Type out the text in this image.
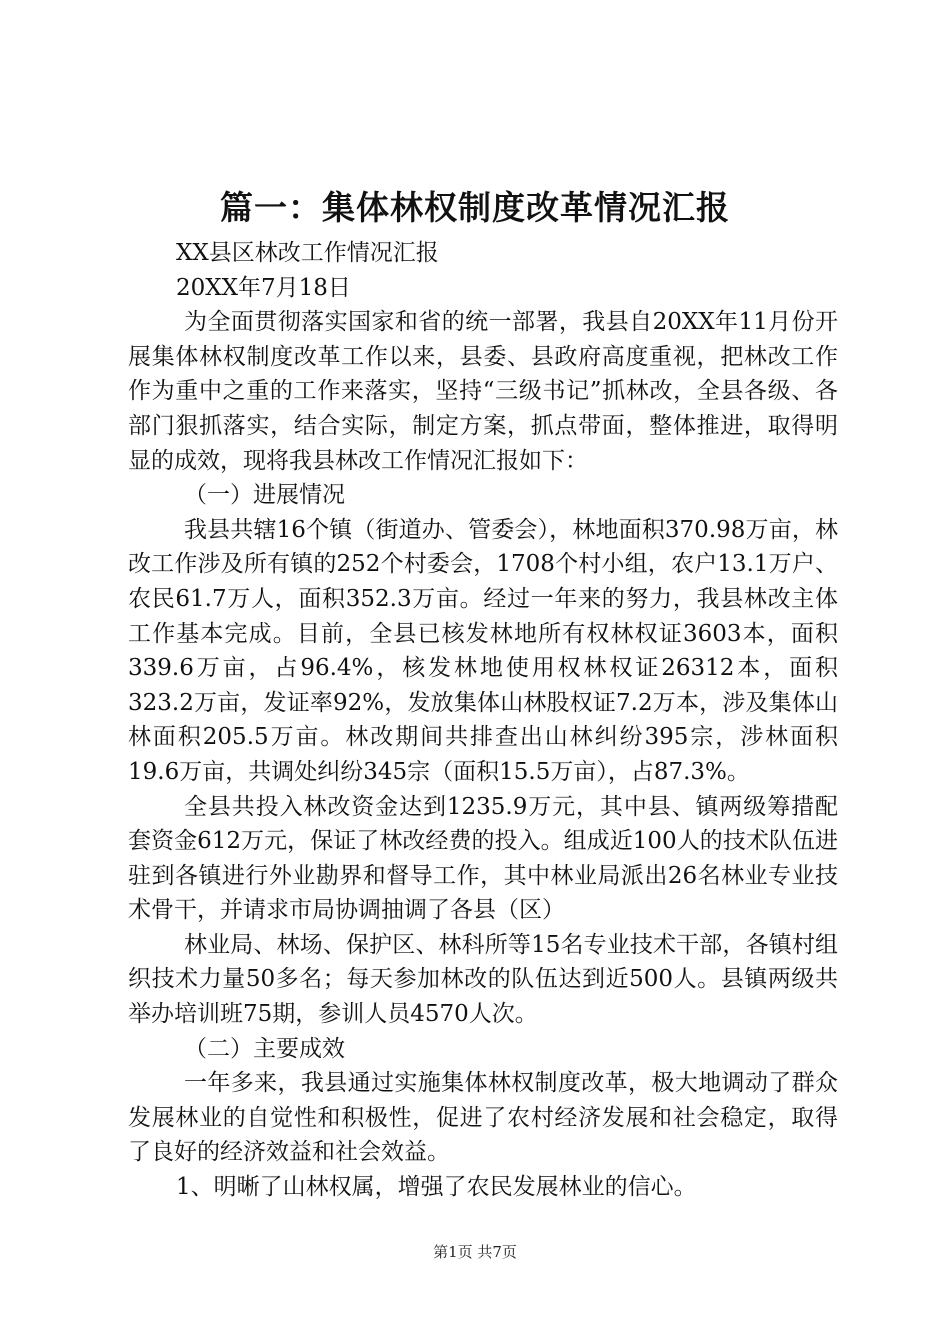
篇一：集体林权制度改革情况汇报

XX县区林改工作情况汇报

20XX年7月18日

为全面贯彻落实国家和省的统一部署，我县自20XX年11月份开展集体林权制度改革工作以来，县委、县政府高度重视，把林改工作作为重中之重的工作来落实，坚持“三级书记”抓林改，全县各级、各部门狠抓落实，结合实际，制定方案，抓点带面，整体推进，取得明显的成效，现将我县林改工作情况汇报如下：

（一）进展情况

我县共辖16个镇（街道办、管委会），林地面积370.98万亩，林改工作涉及所有镇的252个村委会，1708个村小组，农户13.1万户、农民61.7万人，面积352.3万亩。经过一年来的努力，我县林改主体工作基本完成。目前，全县已核发林地所有权林权证3603本，面积339.6万亩，占96.4%，核发林地使用权林权证26312本，面积323.2万亩，发证率92%，发放集体山林股权证7.2万本，涉及集体山林面积205.5万亩。林改期间共排查出山林纠纷395宗，涉林面积19.6万亩，共调处纠纷345宗（面积15.5万亩），占87.3%。

全县共投入林改资金达到1235.9万元，其中县、镇两级筹措配套资金612万元，保证了林改经费的投入。组成近100人的技术队伍进驻到各镇进行外业勘界和督导工作，其中林业局派出26名林业专业技术骨干，并请求市局协调抽调了各县（区）

林业局、林场、保护区、林科所等15名专业技术干部，各镇村组织技术力量50多名；每天参加林改的队伍达到近500人。县镇两级共举办培训班75期，参训人员4570人次。

（二）主要成效

一年多来，我县通过实施集体林权制度改革，极大地调动了群众发展林业的自觉性和积极性，促进了农村经济发展和社会稳定，取得了良好的经济效益和社会效益。

1、明晰了山林权属，增强了农民发展林业的信心。

第1页 共7页
